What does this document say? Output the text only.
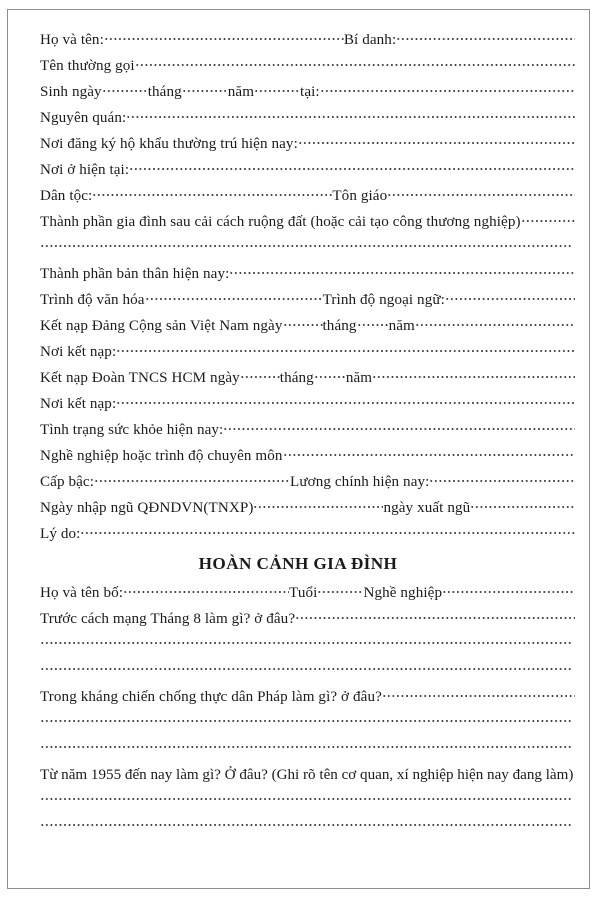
Họ và tên:	Bí danh:
Tên thường gọi
Sinh ngày	tháng	năm	tại:
Nguyên quán:
Nơi đăng ký hộ khẩu thường trú hiện nay:
Nơi ở hiện tại:
Dân tộc:	Tôn giáo
Thành phần gia đình sau cải cách ruộng đất (hoặc cải tạo công thương nghiệp)
Thành phần bản thân hiện nay:
Trình độ văn hóa	Trình độ ngoại ngữ:
Kết nạp Đảng Cộng sản Việt Nam ngày	tháng năm
Nơi kết nạp:
Kết nạp Đoàn TNCS HCM ngày	tháng năm
Nơi kết nạp:
Tình trạng sức khỏe hiện nay:
Nghề nghiệp hoặc trình độ chuyên môn
Cấp bậc:	Lương chính hiện nay:
Ngày nhập ngũ QĐNDVN(TNXP)	ngày xuất ngũ
Lý do:
HOÀN CẢNH GIA ĐÌNH
Họ và tên bố:	Tuổi	Nghề nghiệp
Trước cách mạng Tháng 8 làm gì? ở đâu?
Trong kháng chiến chống thực dân Pháp làm gì? ở đâu?
Từ năm 1955 đến nay làm gì? Ở đâu? (Ghi rõ tên cơ quan, xí nghiệp hiện nay đang làm)
